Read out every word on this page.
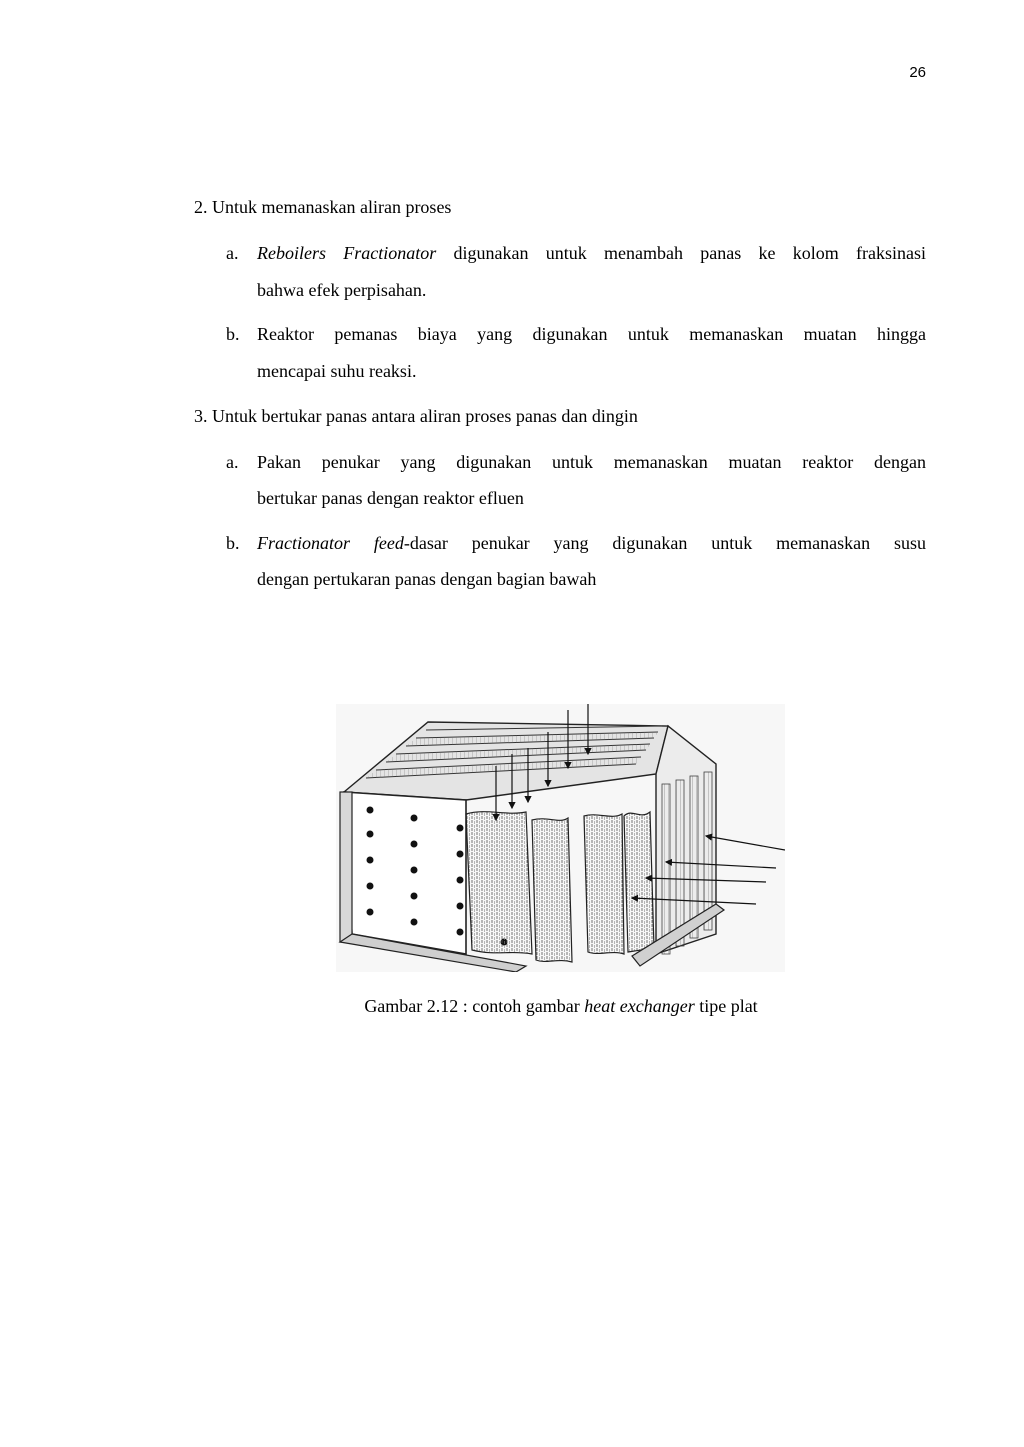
26
2. Untuk memanaskan aliran proses
a. Reboilers Fractionator digunakan untuk menambah panas ke kolom fraksinasi
bahwa efek perpisahan.
b. Reaktor pemanas biaya yang digunakan untuk memanaskan muatan hingga
mencapai suhu reaksi.
3. Untuk bertukar panas antara aliran proses panas dan dingin
a. Pakan penukar yang digunakan untuk memanaskan muatan reaktor dengan
bertukar panas dengan reaktor efluen
b. Fractionator feed-dasar penukar yang digunakan untuk memanaskan susu
dengan pertukaran panas dengan bagian bawah
Gambar 2.12 : contoh gambar heat exchanger tipe plat
